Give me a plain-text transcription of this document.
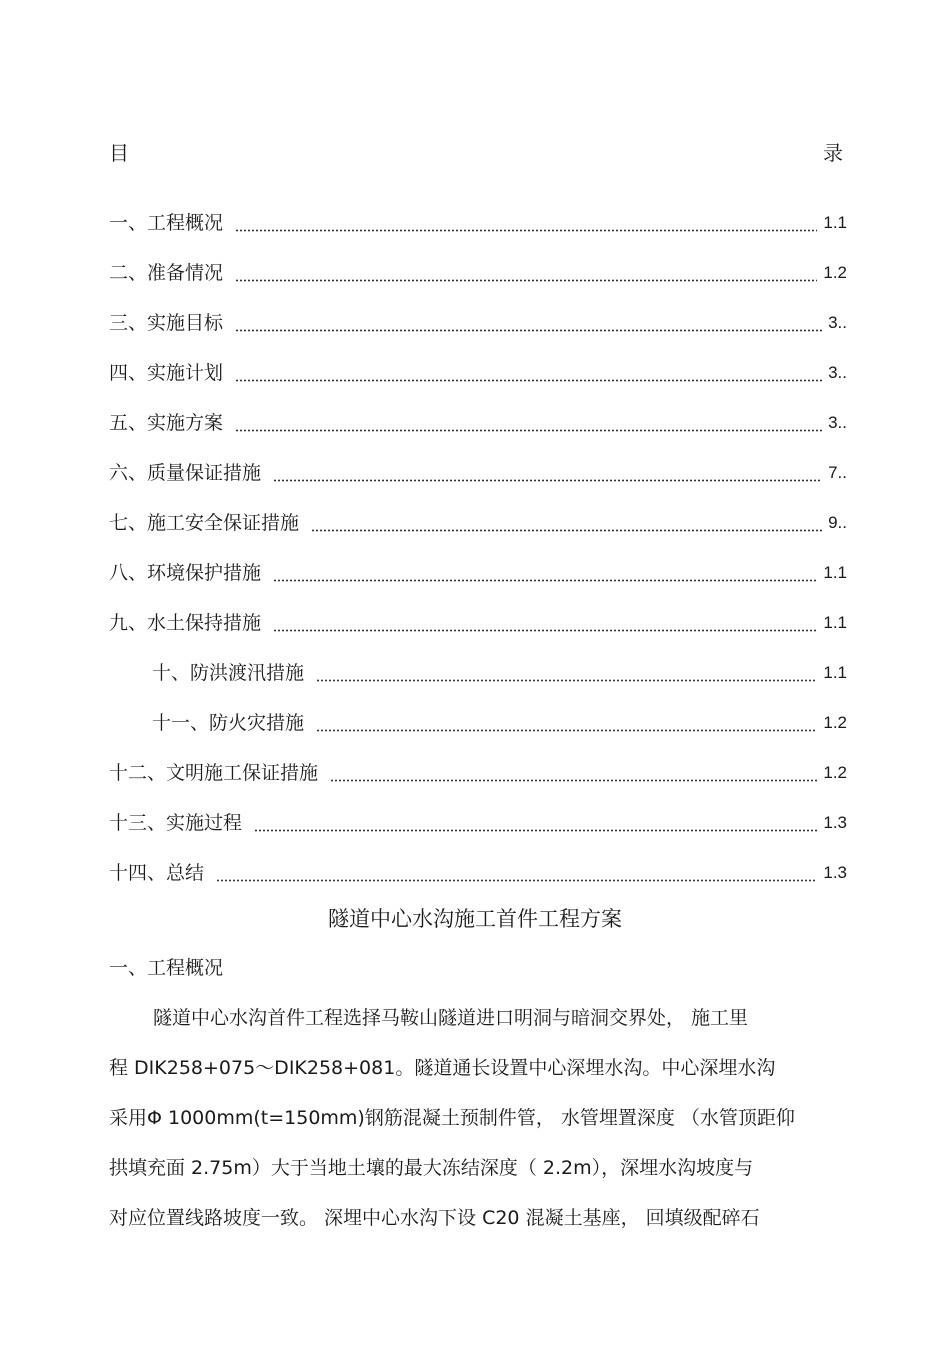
目	录
一、工程概况	1.1
二、准备情况	1.2
三、实施目标	3..
四、实施计划	3..
五、实施方案	3..
六、质量保证措施	7..
七、施工安全保证措施	9..
八、环境保护措施	1.1
九、水土保持措施	1.1
十、防洪渡汛措施	1.1
十一、防火灾措施	1.2
十二、文明施工保证措施	1.2
十三、实施过程	1.3
十四、总结	1.3
隧道中心水沟施工首件工程方案
一、工程概况
隧道中心水沟首件工程选择马鞍山隧道进口明洞与暗洞交界处， 施工里
程 DIK258+075～DIK258+081。隧道通长设置中心深埋水沟。中心深埋水沟
采用Φ 1000mm(t=150mm)钢筋混凝土预制件管， 水管埋置深度 （水管顶距仰
拱填充面 2.75m）大于当地土壤的最大冻结深度（ 2.2m），深埋水沟坡度与
对应位置线路坡度一致。 深埋中心水沟下设 C20 混凝土基座， 回填级配碎石
